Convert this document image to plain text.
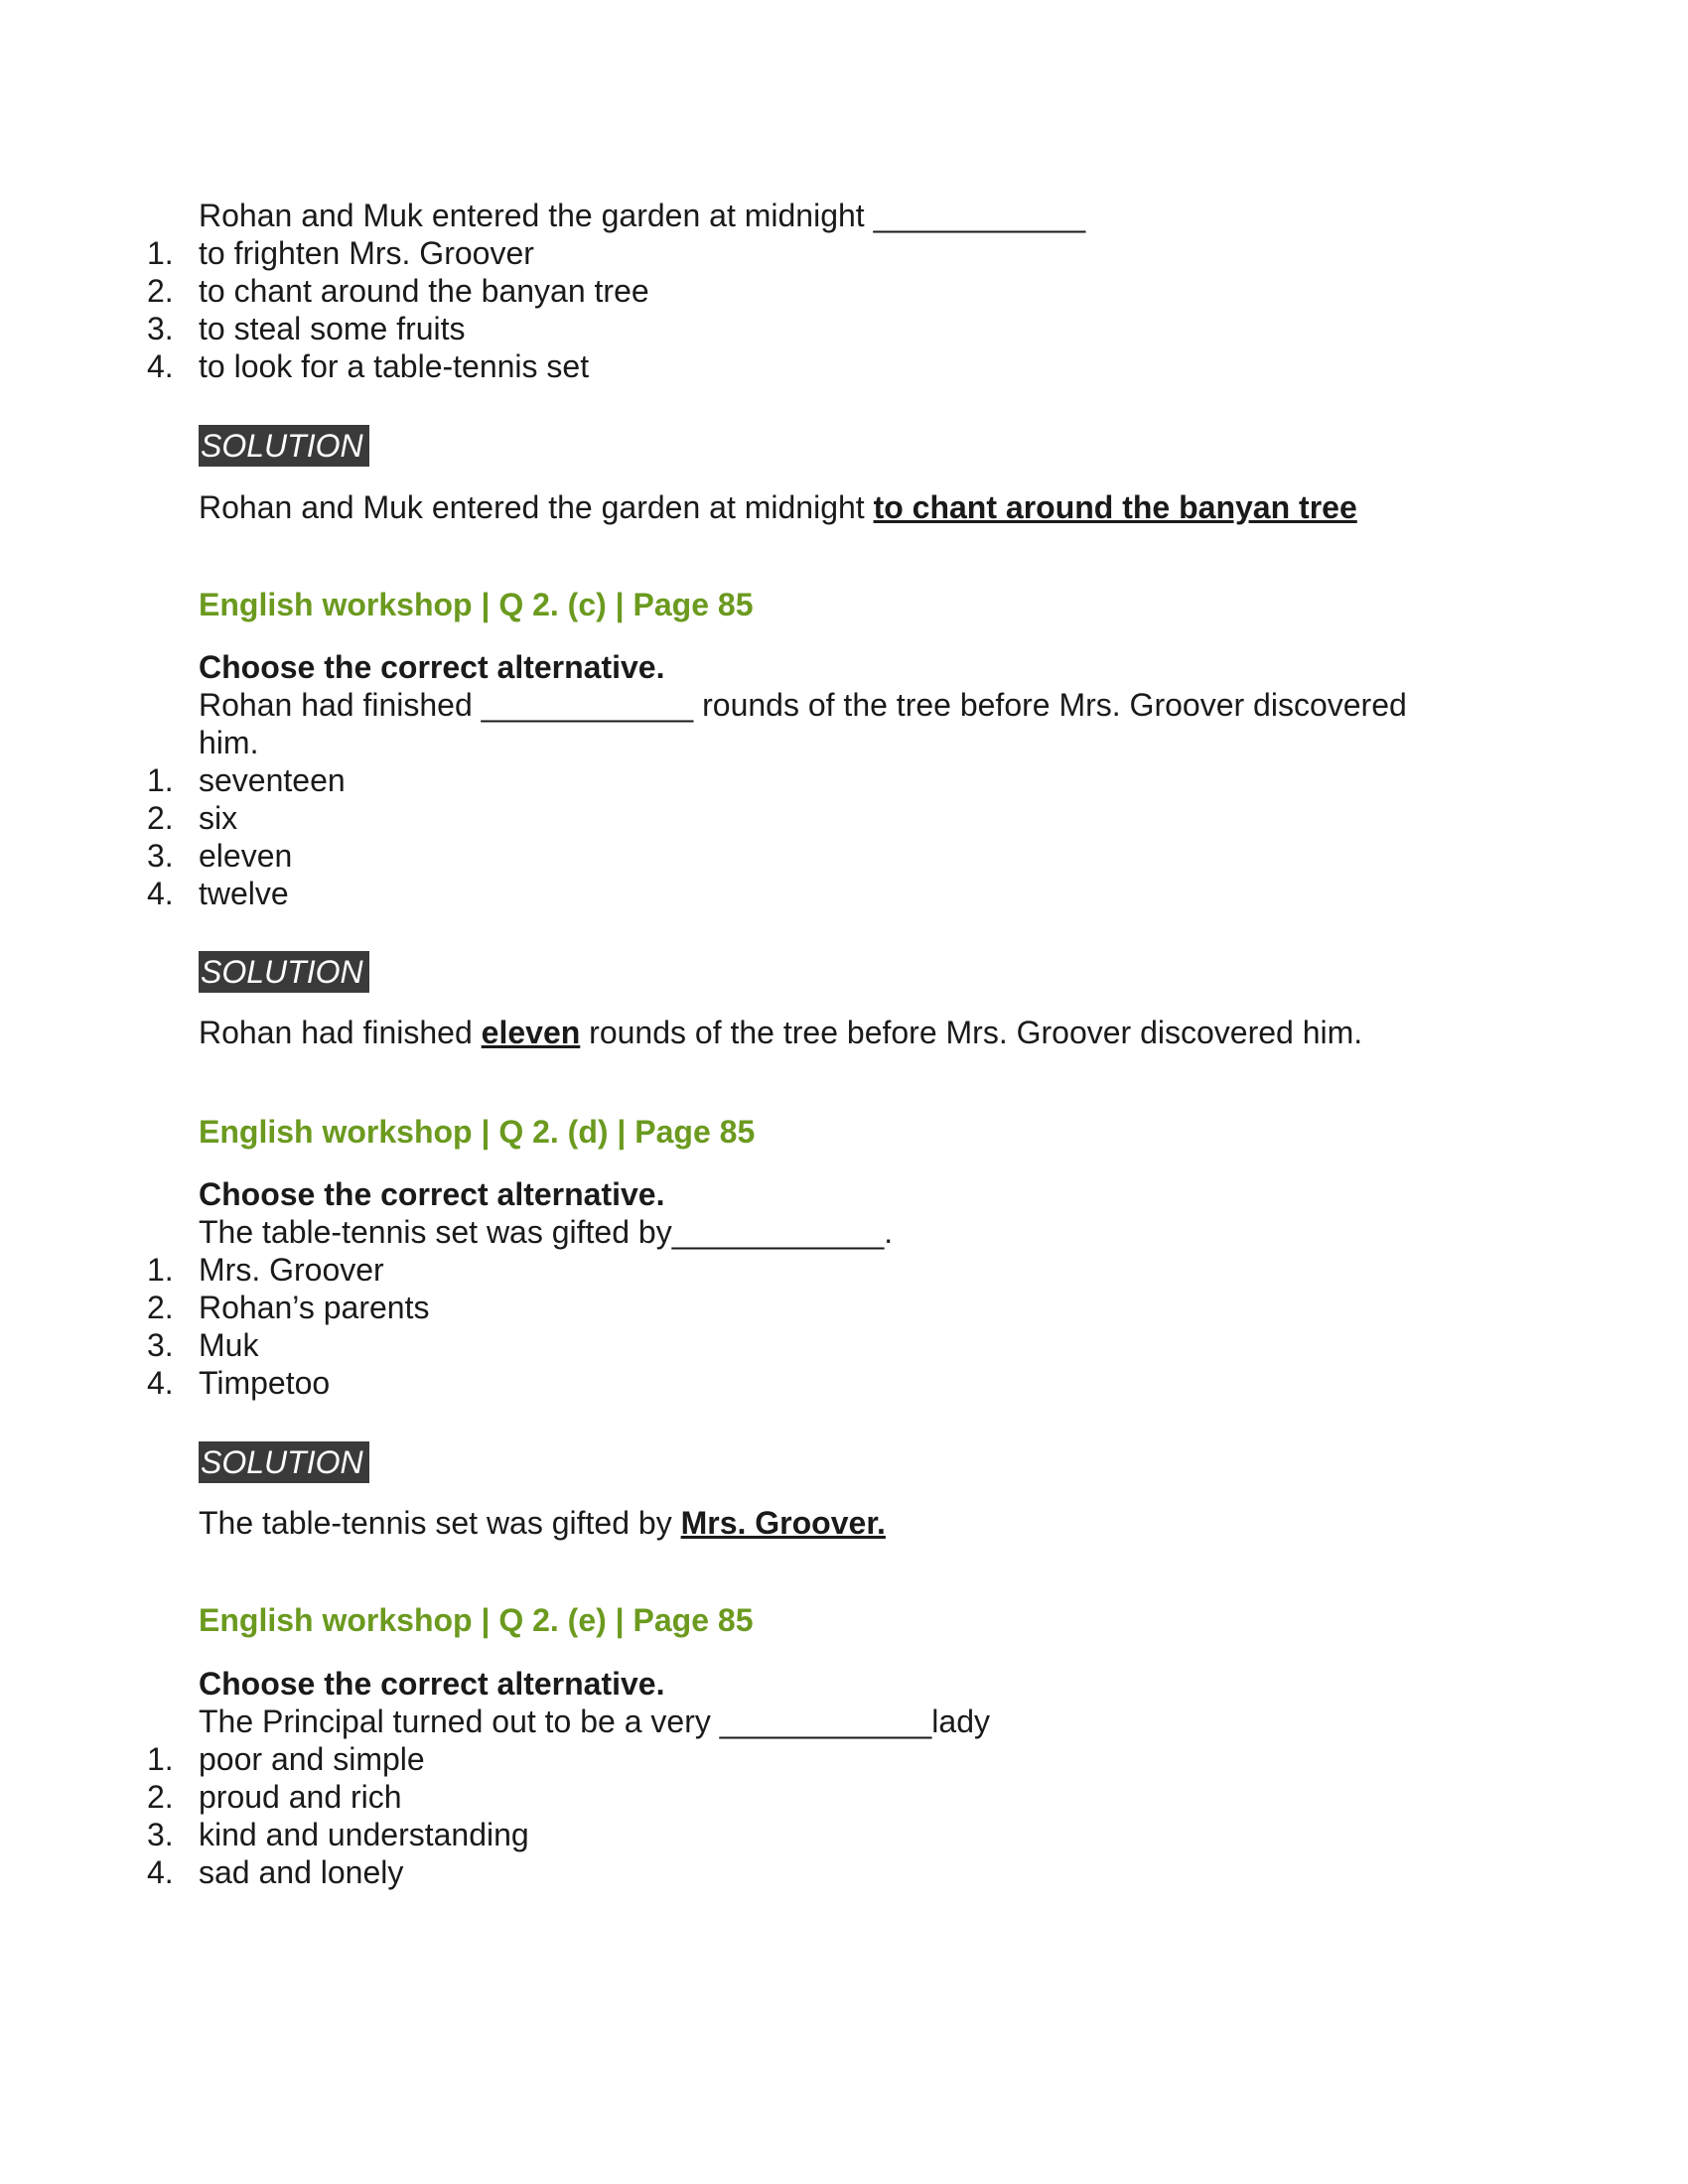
Rohan and Muk entered the garden at midnight ____________
1. to frighten Mrs. Groover
2. to chant around the banyan tree
3. to steal some fruits
4. to look for a table-tennis set
SOLUTION
Rohan and Muk entered the garden at midnight to chant around the banyan tree
English workshop | Q 2. (c) | Page 85
Choose the correct alternative.
Rohan had finished ____________ rounds of the tree before Mrs. Groover discovered
him.
1. seventeen
2. six
3. eleven
4. twelve
SOLUTION
Rohan had finished eleven rounds of the tree before Mrs. Groover discovered him.
English workshop | Q 2. (d) | Page 85
Choose the correct alternative.
The table-tennis set was gifted by____________.
1. Mrs. Groover
2. Rohan’s parents
3. Muk
4. Timpetoo
SOLUTION
The table-tennis set was gifted by Mrs. Groover.
English workshop | Q 2. (e) | Page 85
Choose the correct alternative.
The Principal turned out to be a very ____________lady
1. poor and simple
2. proud and rich
3. kind and understanding
4. sad and lonely
